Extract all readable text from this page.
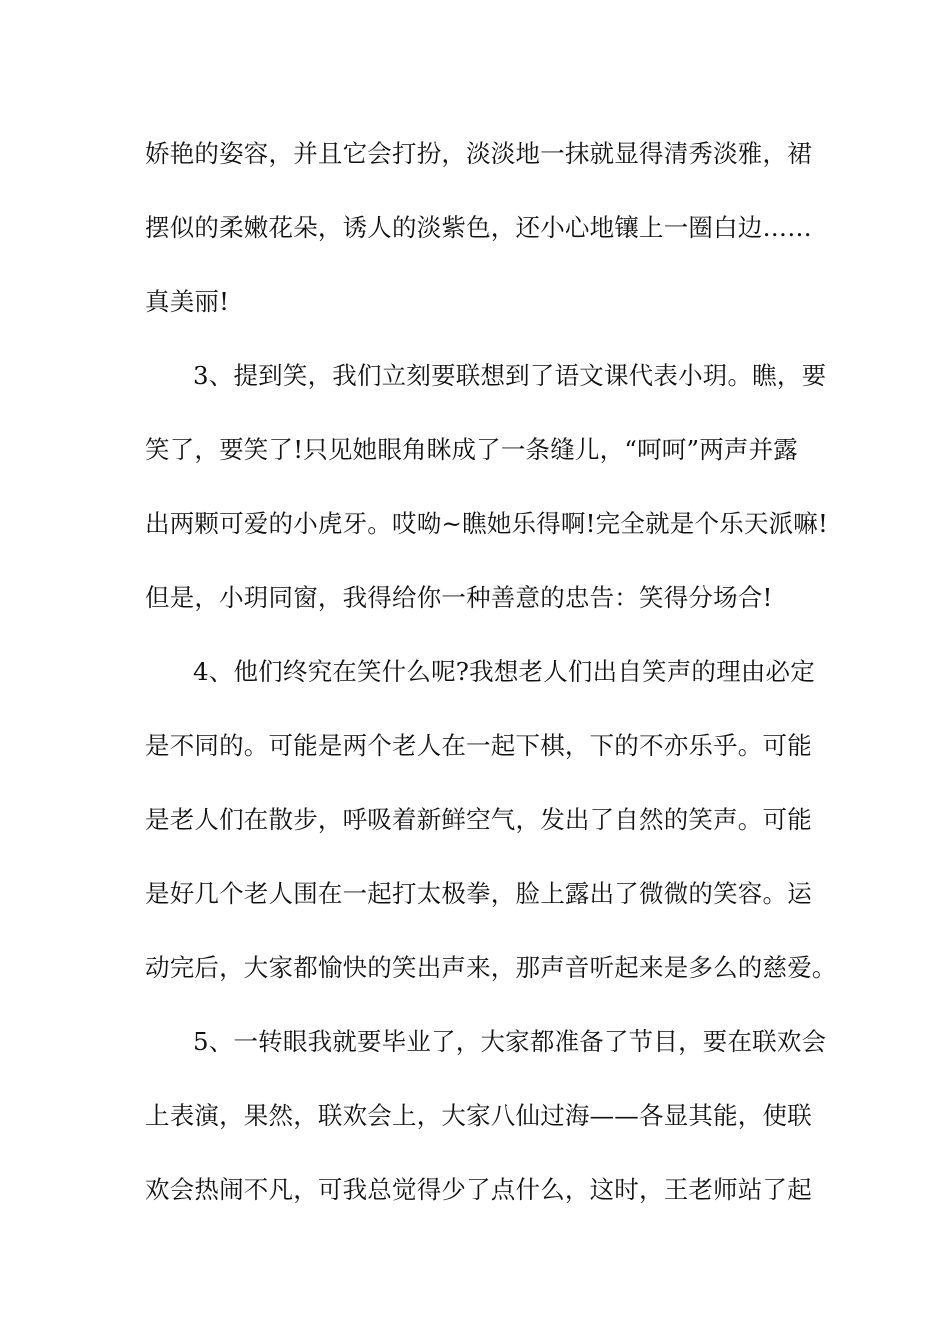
娇艳的姿容，并且它会打扮，淡淡地一抹就显得清秀淡雅，裙
摆似的柔嫩花朵，诱人的淡紫色，还小心地镶上一圈白边……
真美丽!
3、提到笑，我们立刻要联想到了语文课代表小玥。瞧，要
笑了，要笑了!只见她眼角眯成了一条缝儿，“呵呵”两声并露
出两颗可爱的小虎牙。哎呦~瞧她乐得啊!完全就是个乐天派嘛!
但是，小玥同窗，我得给你一种善意的忠告：笑得分场合!
4、他们终究在笑什么呢?我想老人们出自笑声的理由必定
是不同的。可能是两个老人在一起下棋，下的不亦乐乎。可能
是老人们在散步，呼吸着新鲜空气，发出了自然的笑声。可能
是好几个老人围在一起打太极拳，脸上露出了微微的笑容。运
动完后，大家都愉快的笑出声来，那声音听起来是多么的慈爱。
5、一转眼我就要毕业了，大家都准备了节目，要在联欢会
上表演，果然，联欢会上，大家八仙过海——各显其能，使联
欢会热闹不凡，可我总觉得少了点什么，这时，王老师站了起
